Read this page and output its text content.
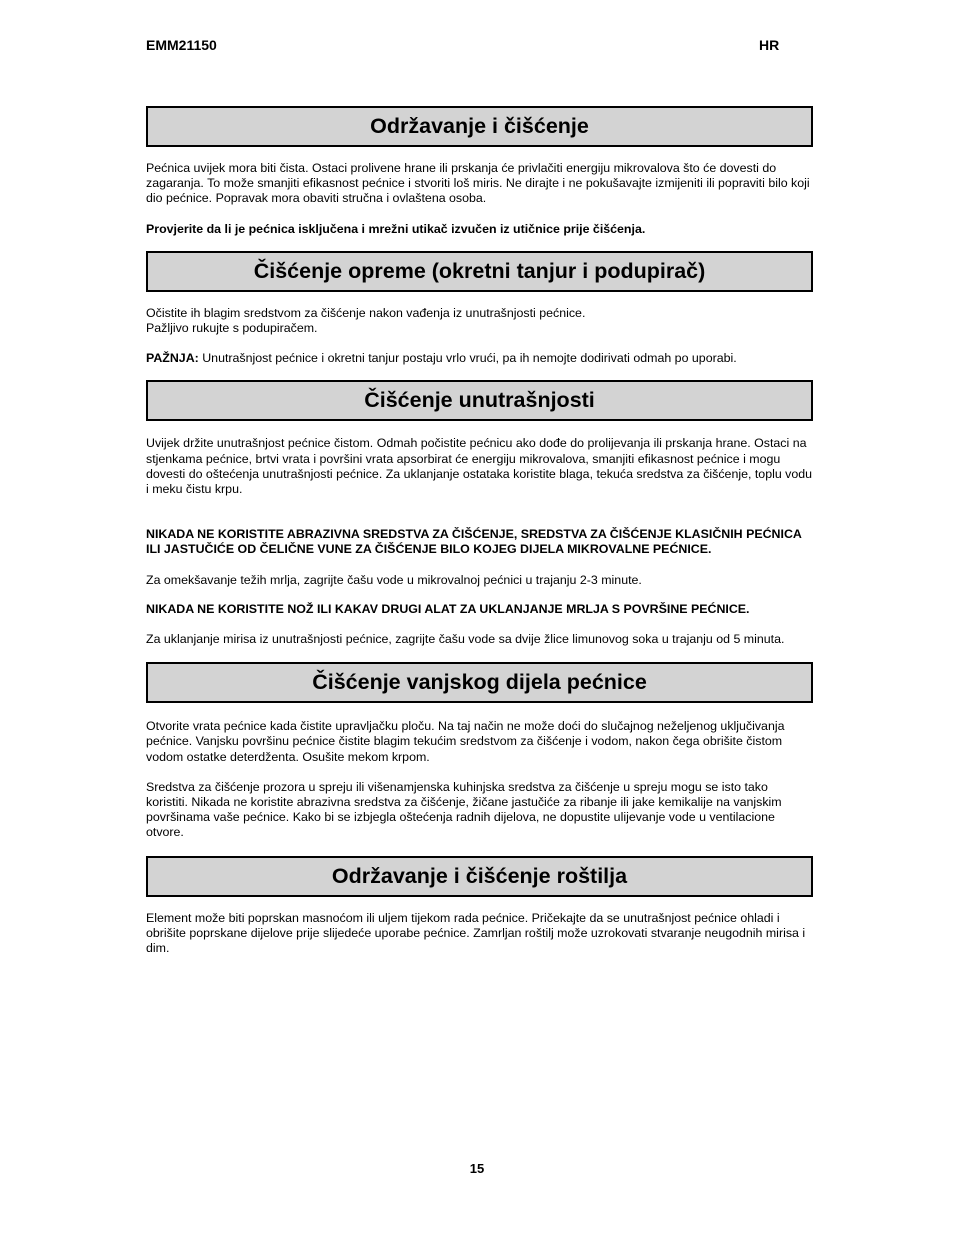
EMM21150	HR
Održavanje i čišćenje

Pećnica uvijek mora biti čista. Ostaci prolivene hrane ili prskanja će privlačiti energiju mikrovalova što će dovesti do zagaranja. To može smanjiti efikasnost pećnice i stvoriti loš miris. Ne dirajte i ne pokušavajte izmijeniti ili popraviti bilo koji dio pećnice. Popravak mora obaviti stručna i ovlaštena osoba.

Provjerite da li je pećnica isključena i mrežni utikač izvučen iz utičnice prije čišćenja.

Čišćenje opreme (okretni tanjur i podupirač)

Očistite ih blagim sredstvom za čišćenje nakon vađenja iz unutrašnjosti pećnice.

Pažljivo rukujte s podupiračem.

PAŽNJA: Unutrašnjost pećnice i okretni tanjur postaju vrlo vrući, pa ih nemojte dodirivati odmah po uporabi.

Čišćenje unutrašnjosti

Uvijek držite unutrašnjost pećnice čistom. Odmah počistite pećnicu ako dođe do prolijevanja ili prskanja hrane. Ostaci na stjenkama pećnice, brtvi vrata i površini vrata apsorbirat će energiju mikrovalova, smanjiti efikasnost pećnice i mogu dovesti do oštećenja unutrašnjosti pećnice. Za uklanjanje ostataka koristite blaga, tekuća sredstva za čišćenje, toplu vodu i meku čistu krpu.

NIKADA NE KORISTITE ABRAZIVNA SREDSTVA ZA ČIŠĆENJE, SREDSTVA ZA ČIŠĆENJE KLASIČNIH PEĆNICA ILI JASTUČIĆE OD ČELIČNE VUNE ZA ČIŠĆENJE BILO KOJEG DIJELA MIKROVALNE PEĆNICE.

Za omekšavanje težih mrlja, zagrijte čašu vode u mikrovalnoj pećnici u trajanju 2-3 minute.

NIKADA NE KORISTITE NOŽ ILI KAKAV DRUGI ALAT ZA UKLANJANJE MRLJA S POVRŠINE PEĆNICE.

Za uklanjanje mirisa iz unutrašnjosti pećnice, zagrijte čašu vode sa dvije žlice limunovog soka u trajanju od 5 minuta.

Čišćenje vanjskog dijela pećnice

Otvorite vrata pećnice kada čistite upravljačku ploču. Na taj način ne može doći do slučajnog neželjenog uključivanja pećnice. Vanjsku površinu pećnice čistite blagim tekućim sredstvom za čišćenje i vodom, nakon čega obrišite čistom vodom ostatke deterdženta. Osušite mekom krpom.

Sredstva za čišćenje prozora u spreju ili višenamjenska kuhinjska sredstva za čišćenje u spreju mogu se isto tako koristiti. Nikada ne koristite abrazivna sredstva za čišćenje, žičane jastučiće za ribanje ili jake kemikalije na vanjskim površinama vaše pećnice. Kako bi se izbjegla oštećenja radnih dijelova, ne dopustite ulijevanje vode u ventilacione otvore.

Održavanje i čišćenje roštilja

Element može biti poprskan masnoćom ili uljem tijekom rada pećnice. Pričekajte da se unutrašnjost pećnice ohladi i obrišite poprskane dijelove prije slijedeće uporabe pećnice. Zamrljan roštilj može uzrokovati stvaranje neugodnih mirisa i dim.

15
